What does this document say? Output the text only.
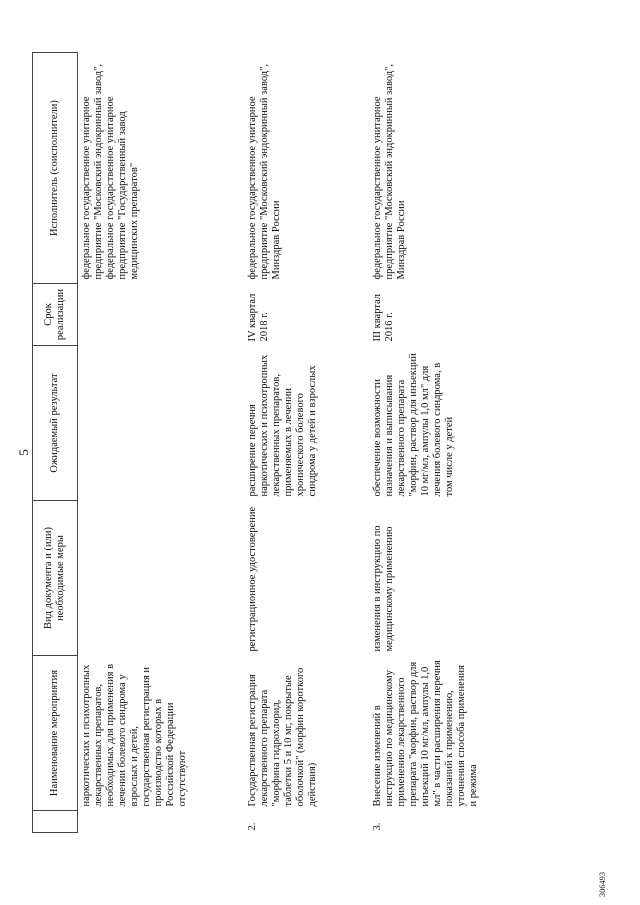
5
	Наименование мероприятия	Вид документа и (или) необходимые меры	Ожидаемый результат	Срок реализации	Исполнитель (соисполнители)
	наркотических и психотропных лекарственных препаратов, необходимых для применения в лечении болевого синдрома у взрослых и детей, государственная регистрация и производство которых в Российской Федерации отсутствуют				федеральное государственное унитарное предприятие "Московский эндокринный завод", федеральное государственное унитарное предприятие "Государственный завод медицинских препаратов"
2.	Государственная регистрация лекарственного препарата "морфина гидрохлорид, таблетки 5 и 10 мг, покрытые оболочкой" (морфин короткого действия)	регистрационное удостоверение	расширение перечня наркотических и психотропных лекарственных препаратов, применяемых в лечении хронического болевого синдрома у детей и взрослых	IV квартал 2018 г.	федеральное государственное унитарное предприятие "Московский эндокринный завод", Минздрав России
3.	Внесение изменений в инструкцию по медицинскому применению лекарственного препарата "морфин, раствор для инъекций 10 мг/мл, ампулы 1,0 мл" в части расширения перечня показаний к применению, уточнения способа применения и режима	изменения в инструкцию по медицинскому применению	обеспечение возможности назначения и выписывания лекарственного препарата "морфин, раствор для инъекций 10 мг/мл, ампулы 1,0 мл" для лечения болевого синдрома, в том числе у детей	III квартал 2016 г.	федеральное государственное унитарное предприятие "Московский эндокринный завод", Минздрав России
306493
